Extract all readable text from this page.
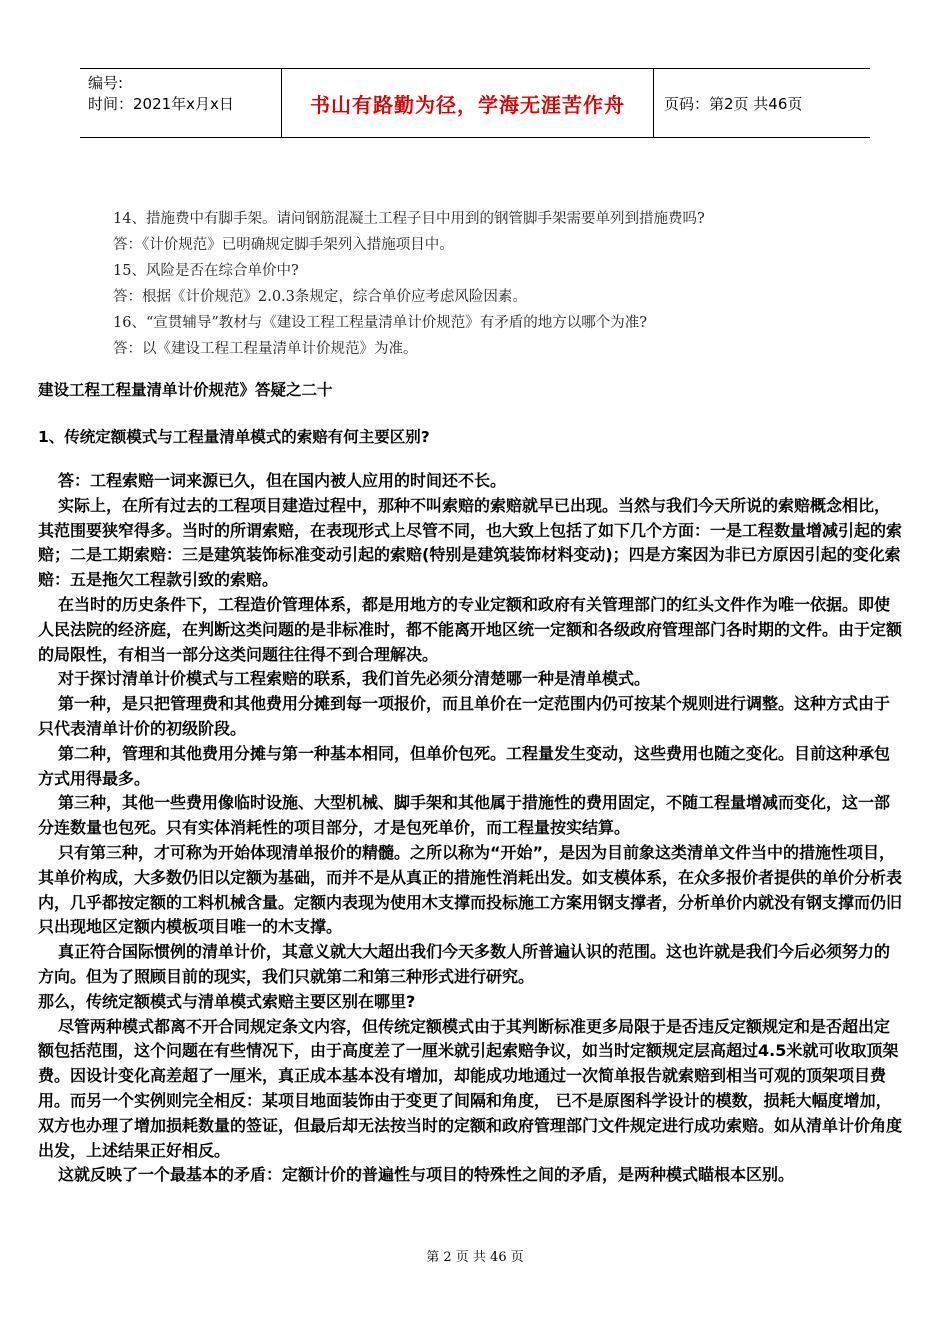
编号:
时间：2021年x月x日	书山有路勤为径，学海无涯苦作舟	页码：第2页 共46页

14、措施费中有脚手架。请问钢筋混凝土工程子目中用到的钢管脚手架需要单列到措施费吗?

答：《计价规范》已明确规定脚手架列入措施项目中。

15、风险是否在综合单价中?

答：根据《计价规范》2.0.3条规定，综合单价应考虑风险因素。

16、“宣贯辅导”教材与《建设工程工程量清单计价规范》有矛盾的地方以哪个为准?

答：以《建设工程工程量清单计价规范》为准。

建设工程工程量清单计价规范》答疑之二十
1、传统定额模式与工程量清单模式的索赔有何主要区别?

答：工程索赔一词来源已久，但在国内被人应用的时间还不长。

实际上，在所有过去的工程项目建造过程中，那种不叫索赔的索赔就早已出现。当然与我们今天所说的索赔概念相比，其范围要狭窄得多。当时的所谓索赔，在表现形式上尽管不同，也大致上包括了如下几个方面：一是工程数量增减引起的索赔；二是工期索赔：三是建筑装饰标准变动引起的索赔(特别是建筑装饰材料变动)；四是方案因为非已方原因引起的变化索赔：五是拖欠工程款引致的索赔。

在当时的历史条件下，工程造价管理体系，都是用地方的专业定额和政府有关管理部门的红头文件作为唯一依据。即使人民法院的经济庭，在判断这类问题的是非标准时，都不能离开地区统一定额和各级政府管理部门各时期的文件。由于定额的局限性，有相当一部分这类问题往往得不到合理解决。

对于探讨清单计价模式与工程索赔的联系，我们首先必须分清楚哪一种是清单模式。

第一种，是只把管理费和其他费用分摊到每一项报价，而且单价在一定范围内仍可按某个规则进行调整。这种方式由于只代表清单计价的初级阶段。

第二种，管理和其他费用分摊与第一种基本相同，但单价包死。工程量发生变动，这些费用也随之变化。目前这种承包方式用得最多。

第三种，其他一些费用像临时设施、大型机械、脚手架和其他属于措施性的费用固定，不随工程量增减而变化，这一部分连数量也包死。只有实体消耗性的项目部分，才是包死单价，而工程量按实结算。

只有第三种，才可称为开始体现清单报价的精髓。之所以称为“开始”，是因为目前象这类清单文件当中的措施性项目，其单价构成，大多数仍旧以定额为基础，而并不是从真正的措施性消耗出发。如支模体系，在众多报价者提供的单价分析表内，几乎都按定额的工料机械含量。定额内表现为使用木支撑而投标施工方案用钢支撑者，分析单价内就没有钢支撑而仍旧只出现地区定额内模板项目唯一的木支撑。

真正符合国际惯例的清单计价，其意义就大大超出我们今天多数人所普遍认识的范围。这也许就是我们今后必须努力的方向。但为了照顾目前的现实，我们只就第二和第三种形式进行研究。

那么，传统定额模式与清单模式索赔主要区别在哪里?

尽管两种模式都离不开合同规定条文内容，但传统定额模式由于其判断标准更多局限于是否违反定额规定和是否超出定额包括范围，这个问题在有些情况下，由于高度差了一厘米就引起索赔争议，如当时定额规定层高超过4.5米就可收取顶架费。因设计变化高差超了一厘米，真正成本基本没有增加，却能成功地通过一次简单报告就索赔到相当可观的顶架项目费用。而另一个实例则完全相反：某项目地面装饰由于变更了间隔和角度， 已不是原图科学设计的模数，损耗大幅度增加，双方也办理了增加损耗数量的签证，但最后却无法按当时的定额和政府管理部门文件规定进行成功索赔。如从清单计价角度出发，上述结果正好相反。

这就反映了一个最基本的矛盾：定额计价的普遍性与项目的特殊性之间的矛盾，是两种模式瞄根本区别。

第 2 页 共 46 页
